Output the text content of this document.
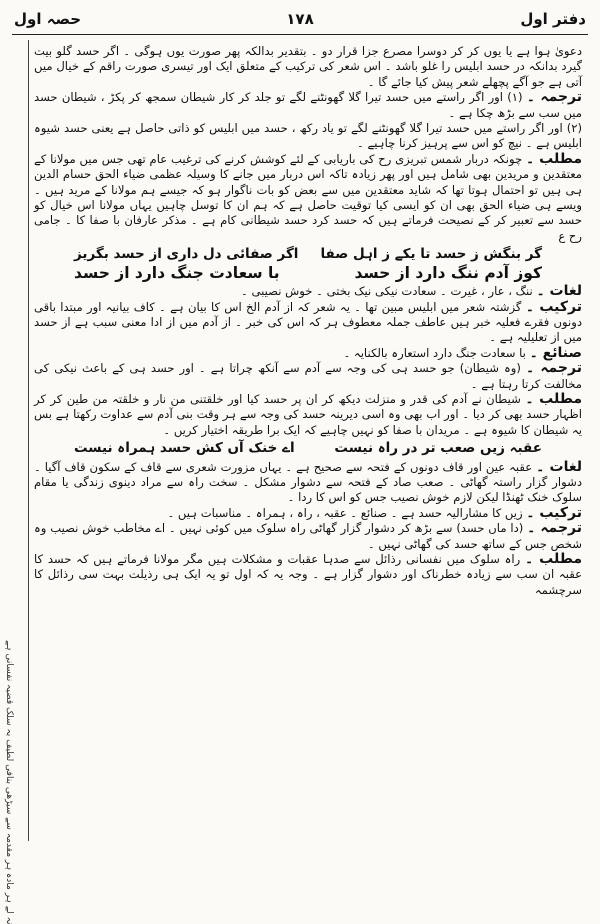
دفتر اول
۱۷۸
حصہ اول

دعویٰ ہوا ہے یا یوں کر کر دوسرا مصرع جزا قرار دو ۔ بتقدیر بدالکہ پھر صورت یوں ہوگی ۔ اگر حسد گلو بیت گیرد بدانکہ در حسد ابلیس را غلو باشد ۔ اس شعر کی ترکیب کے متعلق ایک اور تیسری صورت راقم کے خیال میں آتی ہے جو آگے پچھلے شعر پیش کیا جائے گا ۔

ترجمہ ۔ (۱) اور اگر راستے میں حسد تیرا گلا گھونٹنے لگے تو جلد کر کار شیطان سمجھ کر پکڑ ، شیطان حسد میں سب سے بڑھ چکا ہے ۔

(۲) اور اگر راستے میں حسد تیرا گلا گھونٹنے لگے تو یاد رکھ ، حسد میں ابلیس کو ذاتی حاصل ہے یعنی حسد شیوہ ابلیس ہے ۔ نیچ کو اس سے پرہیز کرنا چاہیے ۔

مطلب ۔ چونکہ دربار شمس تبریزی رح کی باریابی کے لئے کوشش کرنے کی ترغیب عام تھی جس میں مولانا کے معتقدین و مریدین بھی شامل ہیں اور پھر زیادہ تاکہ اس دربار میں جانے کا وسیلہ عظمی ضیاء الحق حسام الدین ہی ہیں تو احتمال ہوتا تھا کہ شاید معتقدین میں سے بعض کو بات ناگوار ہو کہ جیسے ہم مولانا کے مرید ہیں ۔ ویسے ہی ضیاء الحق بھی ان کو ایسی کیا توقیت حاصل ہے کہ ہم ان کا توسل چاہیں یہاں مولانا اس خیال کو حسد سے تعبیر کر کے نصیحت فرماتے ہیں کہ حسد کرد حسد شیطانی کام ہے ۔ مذکر عارفان با صفا کا ۔ جامی رح ع

گر بنگش ز حسد تا یکے ز اہل صفا
اگر صفائی دل داری از حسد بگریز
کوز آدم ننگ دارد از حسد
با سعادت جنگ دارد از حسد

لغات ۔ ننگ ، عار ، غیرت ۔ سعادت نیکی نیک بختی ۔ خوش نصیبی ۔

ترکیب ۔ گزشتہ شعر میں ابلیس مبین تھا ۔ یہ شعر کہ از آدم الخ اس کا بیان ہے ۔ کاف بیانیہ اور مبتدا باقی دونوں فقرے فعلیہ خبر ہیں عاطف جملہ معطوف ہر کہ اس کی خبر ۔ از آدم میں از ادا معنی سبب ہے از حسد میں از تعلیلیہ ہے ۔

صنائع ۔ با سعادت جنگ دارد استعارہ بالکنایہ ۔

ترجمہ ۔ (وہ شیطان) جو حسد ہی کی وجہ سے آدم سے آنکھ چراتا ہے ۔ اور حسد ہی کے باعث نیکی کی مخالفت کرتا رہتا ہے ۔

مطلب ۔ شیطان نے آدم کی قدر و منزلت دیکھ کر ان پر حسد کیا اور خلقتنی من نار و خلقتہ من طین کر کر اظہار حسد بھی کر دیا ۔ اور اب بھی وہ اسی دیرینہ حسد کی وجہ سے ہر وقت بنی آدم سے عداوت رکھتا ہے بس یہ شیطان کا شیوہ ہے ۔ مریدان با صفا کو نہیں چاہیے کہ ایک برا طریقہ اختیار کریں ۔

عقبہ زیں صعب تر در راہ نیست
اے خنک آں کش حسد ہمراہ نیست

لغات ۔ عقبہ عین اور قاف دونوں کے فتحہ سے صحیح ہے ۔ یہاں مزورت شعری سے قاف کے سکون قاف آگیا ۔ دشوار گزار راستہ گھاٹی ۔ صعب صاد کے فتحہ سے دشوار مشکل ۔ سخت راہ سے مراد دینوی زندگی یا مقام سلوک خنک ٹھنڈا لیکن لازم خوش نصیب جس کو اس کا ردا ۔

ترکیب ۔ زیں کا مشارالیہ حسد ہے ۔ صنائع ۔ عقبہ ، راہ ، ہمراہ ۔ مناسبات ہیں ۔

ترجمہ ۔ (دا ماں حسد) سے بڑھ کر دشوار گزار گھاٹی راہ سلوک میں کوئی نہیں ۔ اے مخاطب خوش نصیب وہ شخص جس کے ساتھ حسد کی گھاٹی نہیں ۔

مطلب ۔ راہ سلوک میں نفسانی رذائل سے صدہا عقبات و مشکلات ہیں مگر مولانا فرماتے ہیں کہ حسد کا عقبہ ان سب سے زیادہ خطرناک اور دشوار گزار ہے ۔ وجہ یہ کہ اول تو یہ ایک ہی رذیلت بہت سی رذائل کا سرچشمہ

فی لطیف بہ سلک قضیہ نفسانی ہے
نہ لے ہر مادہ ہر مقدمہ سے سیڑھی بنا
